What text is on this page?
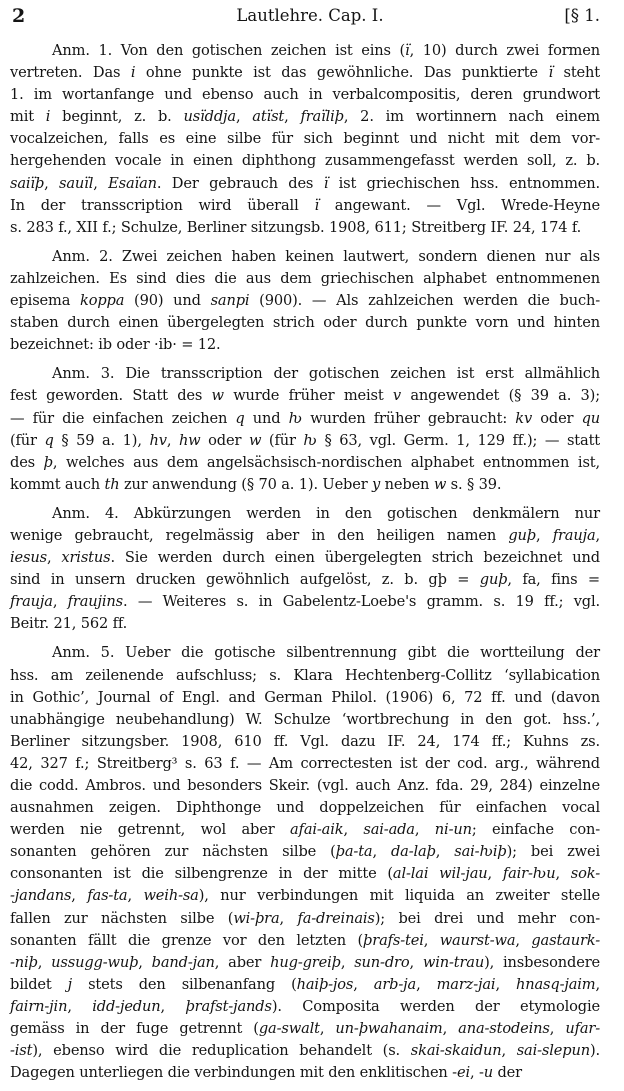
2	Lautlehre. Cap. I.	[§ 1.
Anm. 1. Von den gotischen zeichen ist eins (ï, 10) durch zwei formen
vertreten. Das i ohne punkte ist das gewöhnliche. Das punktierte ï steht
1. im wortanfange und ebenso auch in verbalcompositis, deren grundwort
mit i beginnt, z. b. usïddja, atïst, fraïliþ, 2. im wortinnern nach einem
vocalzeichen, falls es eine silbe für sich beginnt und nicht mit dem vor-
hergehenden vocale in einen diphthong zusammengefasst werden soll, z. b.
saiïþ, sauïl, Esaïan. Der gebrauch des ï ist griechischen hss. entnommen.
In der transscription wird überall ï angewant. — Vgl. Wrede-Heyne
s. 283 f., XII f.; Schulze, Berliner sitzungsb. 1908, 611; Streitberg IF. 24, 174 f.
Anm. 2. Zwei zeichen haben keinen lautwert, sondern dienen nur als
zahlzeichen. Es sind dies die aus dem griechischen alphabet entnommenen
episema koppa (90) und sanpi (900). — Als zahlzeichen werden die buch-
staben durch einen übergelegten strich oder durch punkte vorn und hinten
bezeichnet: ib oder ·ib· = 12.
Anm. 3. Die transscription der gotischen zeichen ist erst allmählich
fest geworden. Statt des w wurde früher meist v angewendet (§ 39 a. 3);
— für die einfachen zeichen q und ƕ wurden früher gebraucht: kv oder qu
(für q § 59 a. 1), hv, hw oder w (für ƕ § 63, vgl. Germ. 1, 129 ff.); — statt
des þ, welches aus dem angelsächsisch-nordischen alphabet entnommen ist,
kommt auch th zur anwendung (§ 70 a. 1). Ueber y neben w s. § 39.
Anm. 4. Abkürzungen werden in den gotischen denkmälern nur
wenige gebraucht, regelmässig aber in den heiligen namen guþ, frauja,
iesus, xristus. Sie werden durch einen übergelegten strich bezeichnet und
sind in unsern drucken gewöhnlich aufgelöst, z. b. gþ = guþ, fa, fins =
frauja, fraujins. — Weiteres s. in Gabelentz-Loebe's gramm. s. 19 ff.; vgl.
Beitr. 21, 562 ff.
Anm. 5. Ueber die gotische silbentrennung gibt die wortteilung der
hss. am zeilenende aufschluss; s. Klara Hechtenberg-Collitz ‘syllabication
in Gothic’, Journal of Engl. and German Philol. (1906) 6, 72 ff. und (davon
unabhängige neubehandlung) W. Schulze ‘wortbrechung in den got. hss.’,
Berliner sitzungsber. 1908, 610 ff. Vgl. dazu IF. 24, 174 ff.; Kuhns zs.
42, 327 f.; Streitberg³ s. 63 f. — Am correctesten ist der cod. arg., während
die codd. Ambros. und besonders Skeir. (vgl. auch Anz. fda. 29, 284) einzelne
ausnahmen zeigen. Diphthonge und doppelzeichen für einfachen vocal
werden nie getrennt, wol aber afai-aik, sai-ada, ni-un; einfache con-
sonanten gehören zur nächsten silbe (þa-ta, da-laþ, sai-ƕiþ); bei zwei
consonanten ist die silbengrenze in der mitte (al-lai wil-jau, fair-ƕu, sok-
-jandans, fas-ta, weih-sa), nur verbindungen mit liquida an zweiter stelle
fallen zur nächsten silbe (wi-þra, fa-dreinais); bei drei und mehr con-
sonanten fällt die grenze vor den letzten (þrafs-tei, waurst-wa, gastaurk-
-niþ, ussugg-wuþ, band-jan, aber hug-greiþ, sun-dro, win-trau), insbesondere
bildet j stets den silbenanfang (haiþ-jos, arb-ja, marz-jai, hnasq-jaim,
fairn-jin, idd-jedun, þrafst-jands). Composita werden der etymologie
gemäss in der fuge getrennt (ga-swalt, un-þwahanaim, ana-stodeins, ufar-
-ist), ebenso wird die reduplication behandelt (s. skai-skaidun, sai-slepun).
Dagegen unterliegen die verbindungen mit den enklitischen -ei, -u der
